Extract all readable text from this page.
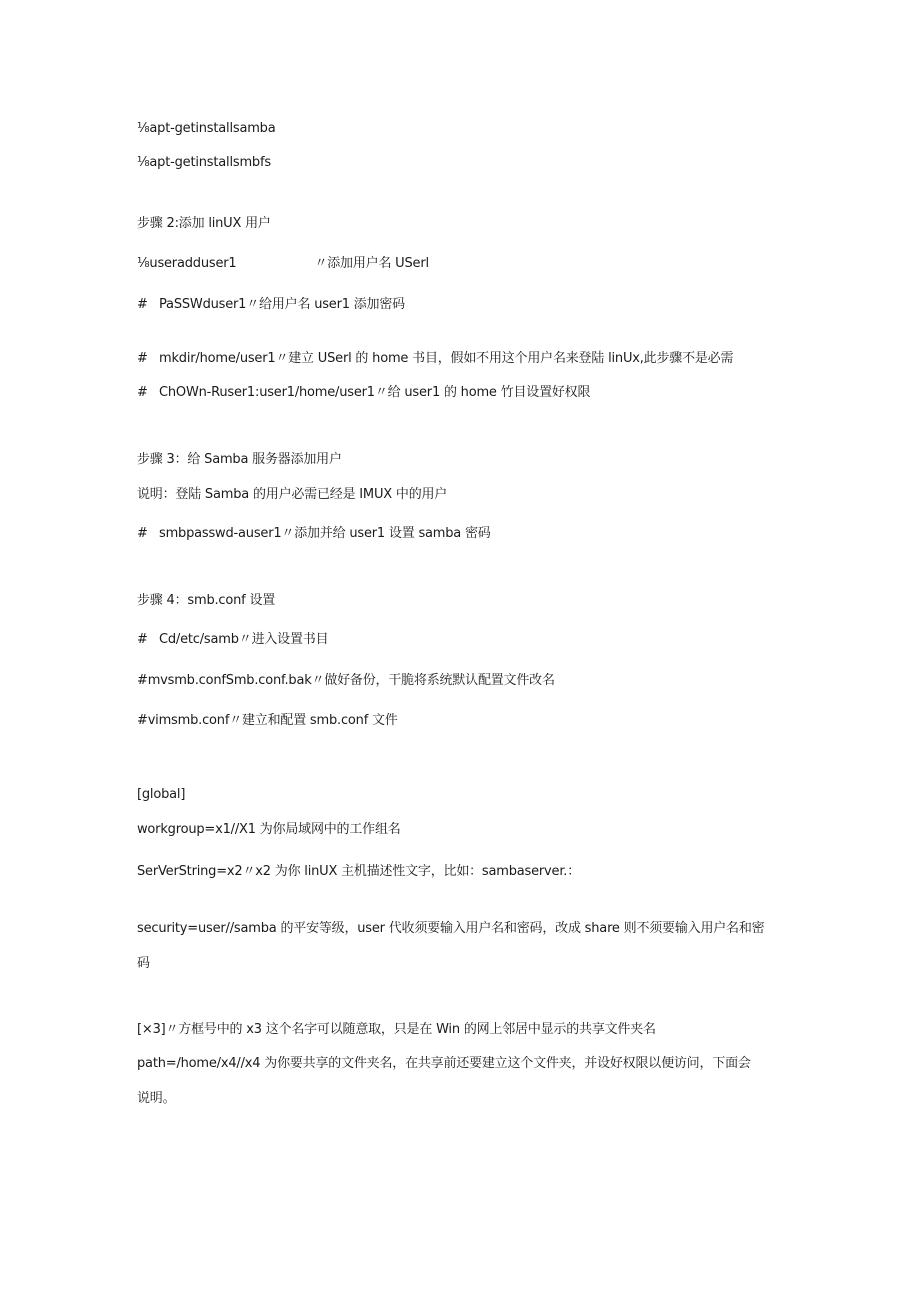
⅛apt-getinstallsamba
⅛apt-getinstallsmbfs
步骤 2:添加 linUX 用户
⅛useradduser1	〃添加用户名 USerl
# PaSSWduser1〃给用户名 user1 添加密码
# mkdir/home/user1〃建立 USerl 的 home 书目，假如不用这个用户名来登陆 linUx,此步骤不是必需
# ChOWn-Ruser1:user1/home/user1〃给 user1 的 home 竹目设置好权限
步骤 3：给 Samba 服务器添加用户
说明：登陆 Samba 的用户必需已经是 IMUX 中的用户
# smbpasswd-auser1〃添加并给 user1 设置 samba 密码
步骤 4：smb.conf 设置
# Cd/etc/samb〃进入设置书目
#mvsmb.confSmb.conf.bak〃做好备份，干脆将系统默认配置文件改名
#vimsmb.conf〃建立和配置 smb.conf 文件
[global]
workgroup=x1//X1 为你局域网中的工作组名
SerVerString=x2〃x2 为你 linUX 主机描述性文字，比如：sambaserver.：
security=user//samba 的平安等级，user 代收须要输入用户名和密码，改成 share 则不须要输入用户名和密
码
[×3]〃方框号中的 x3 这个名字可以随意取，只是在 Win 的网上邻居中显示的共享文件夹名
path=/home/x4//x4 为你要共享的文件夹名，在共享前还要建立这个文件夹，并设好权限以便访问，下面会
说明。
